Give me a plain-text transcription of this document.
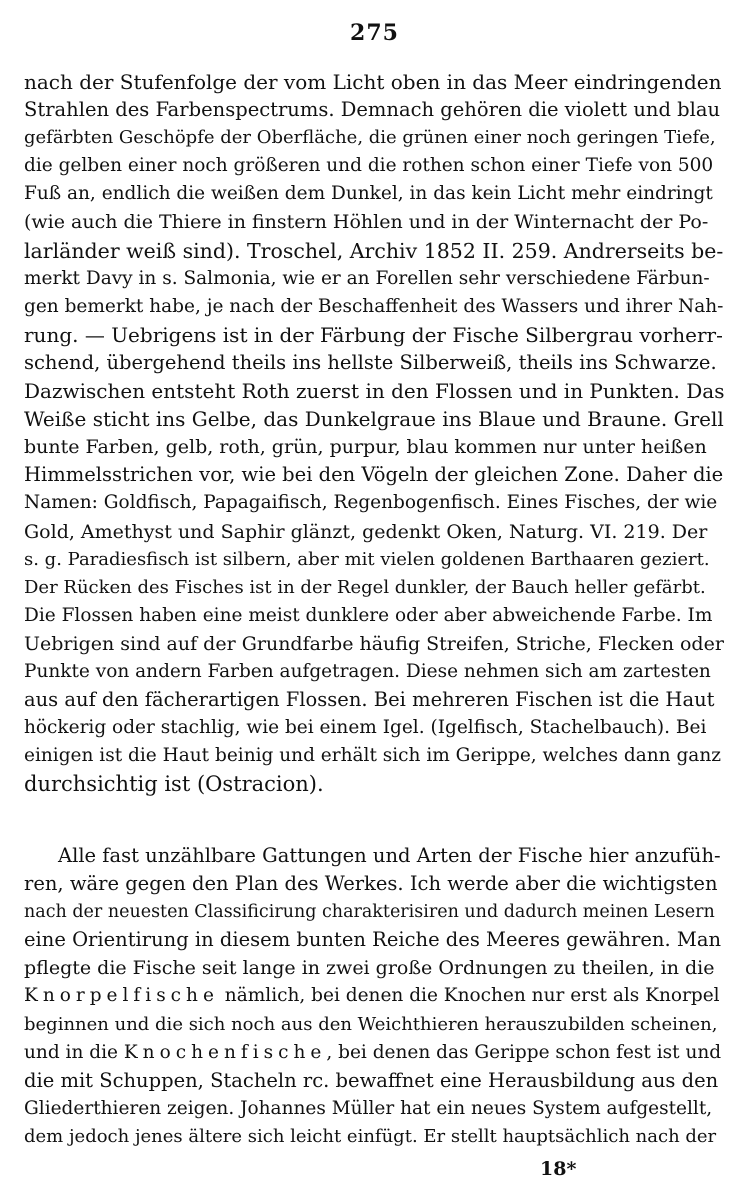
275
nach der Stufenfolge der vom Licht oben in das Meer eindringenden
Strahlen des Farbenspectrums. Demnach gehören die violett und blau
gefärbten Geschöpfe der Oberfläche, die grünen einer noch geringen Tiefe,
die gelben einer noch größeren und die rothen schon einer Tiefe von 500
Fuß an, endlich die weißen dem Dunkel, in das kein Licht mehr eindringt
(wie auch die Thiere in finstern Höhlen und in der Winternacht der Po-
larländer weiß sind). Troschel, Archiv 1852 II. 259. Andrerseits be-
merkt Davy in s. Salmonia, wie er an Forellen sehr verschiedene Färbun-
gen bemerkt habe, je nach der Beschaffenheit des Wassers und ihrer Nah-
rung. — Uebrigens ist in der Färbung der Fische Silbergrau vorherr-
schend, übergehend theils ins hellste Silberweiß, theils ins Schwarze.
Dazwischen entsteht Roth zuerst in den Flossen und in Punkten. Das
Weiße sticht ins Gelbe, das Dunkelgraue ins Blaue und Braune. Grell
bunte Farben, gelb, roth, grün, purpur, blau kommen nur unter heißen
Himmelsstrichen vor, wie bei den Vögeln der gleichen Zone. Daher die
Namen: Goldfisch, Papagaifisch, Regenbogenfisch. Eines Fisches, der wie
Gold, Amethyst und Saphir glänzt, gedenkt Oken, Naturg. VI. 219. Der
s. g. Paradiesfisch ist silbern, aber mit vielen goldenen Barthaaren geziert.
Der Rücken des Fisches ist in der Regel dunkler, der Bauch heller gefärbt.
Die Flossen haben eine meist dunklere oder aber abweichende Farbe. Im
Uebrigen sind auf der Grundfarbe häufig Streifen, Striche, Flecken oder
Punkte von andern Farben aufgetragen. Diese nehmen sich am zartesten
aus auf den fächerartigen Flossen. Bei mehreren Fischen ist die Haut
höckerig oder stachlig, wie bei einem Igel. (Igelfisch, Stachelbauch). Bei
einigen ist die Haut beinig und erhält sich im Gerippe, welches dann ganz
durchsichtig ist (Ostracion).
Alle fast unzählbare Gattungen und Arten der Fische hier anzufüh-
ren, wäre gegen den Plan des Werkes. Ich werde aber die wichtigsten
nach der neuesten Classificirung charakterisiren und dadurch meinen Lesern
eine Orientirung in diesem bunten Reiche des Meeres gewähren. Man
pflegte die Fische seit lange in zwei große Ordnungen zu theilen, in die
Knorpelfische nämlich, bei denen die Knochen nur erst als Knorpel
beginnen und die sich noch aus den Weichthieren herauszubilden scheinen,
und in die Knochenfische, bei denen das Gerippe schon fest ist und
die mit Schuppen, Stacheln rc. bewaffnet eine Herausbildung aus den
Gliederthieren zeigen. Johannes Müller hat ein neues System aufgestellt,
dem jedoch jenes ältere sich leicht einfügt. Er stellt hauptsächlich nach der
18*
